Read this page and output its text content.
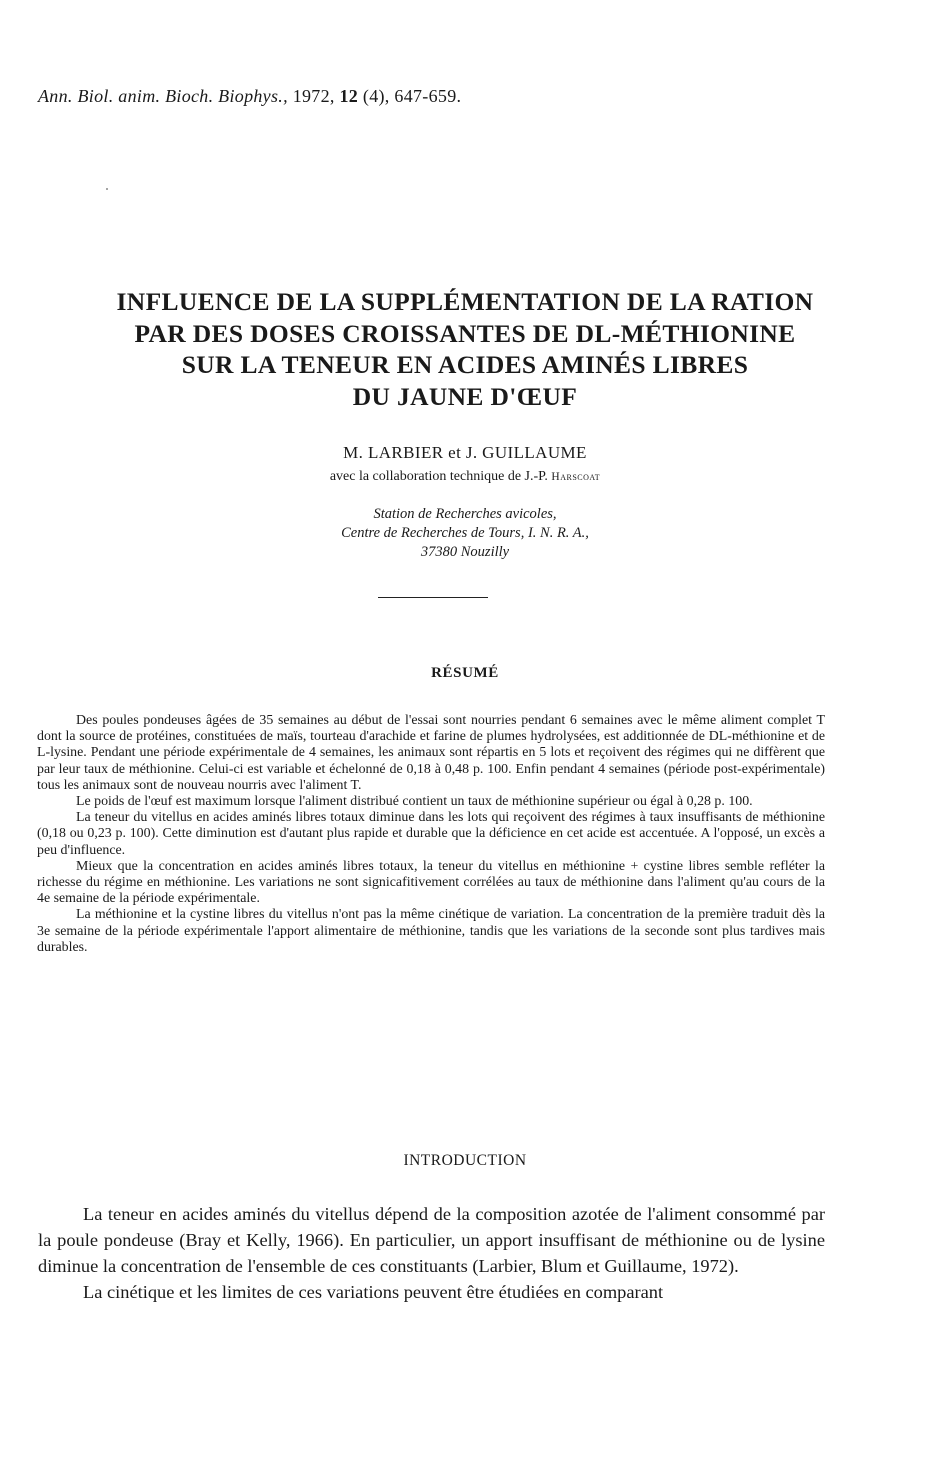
Ann. Biol. anim. Bioch. Biophys., 1972, 12 (4), 647-659.
INFLUENCE DE LA SUPPLÉMENTATION DE LA RATION
PAR DES DOSES CROISSANTES DE DL-MÉTHIONINE
SUR LA TENEUR EN ACIDES AMINÉS LIBRES
DU JAUNE D'ŒUF
M. LARBIER et J. GUILLAUME
avec la collaboration technique de J.-P. Harscoat
Station de Recherches avicoles,
Centre de Recherches de Tours, I. N. R. A.,
37380 Nouzilly
RÉSUMÉ

Des poules pondeuses âgées de 35 semaines au début de l'essai sont nourries pendant 6 semaines avec le même aliment complet T dont la source de protéines, constituées de maïs, tourteau d'arachide et farine de plumes hydrolysées, est additionnée de DL-méthionine et de L-lysine. Pendant une période expérimentale de 4 semaines, les animaux sont répartis en 5 lots et reçoivent des régimes qui ne diffèrent que par leur taux de méthionine. Celui-ci est variable et échelonné de 0,18 à 0,48 p. 100. Enfin pendant 4 semaines (période post-expérimentale) tous les animaux sont de nouveau nourris avec l'aliment T.

Le poids de l'œuf est maximum lorsque l'aliment distribué contient un taux de méthionine supérieur ou égal à 0,28 p. 100.

La teneur du vitellus en acides aminés libres totaux diminue dans les lots qui reçoivent des régimes à taux insuffisants de méthionine (0,18 ou 0,23 p. 100). Cette diminution est d'autant plus rapide et durable que la déficience en cet acide est accentuée. A l'opposé, un excès a peu d'influence.

Mieux que la concentration en acides aminés libres totaux, la teneur du vitellus en méthionine + cystine libres semble refléter la richesse du régime en méthionine. Les variations ne sont signicafitivement corrélées au taux de méthionine dans l'aliment qu'au cours de la 4e semaine de la période expérimentale.

La méthionine et la cystine libres du vitellus n'ont pas la même cinétique de variation. La concentration de la première traduit dès la 3e semaine de la période expérimentale l'apport alimentaire de méthionine, tandis que les variations de la seconde sont plus tardives mais durables.

INTRODUCTION

La teneur en acides aminés du vitellus dépend de la composition azotée de l'aliment consommé par la poule pondeuse (Bray et Kelly, 1966). En particulier, un apport insuffisant de méthionine ou de lysine diminue la concentration de l'ensemble de ces constituants (Larbier, Blum et Guillaume, 1972).

La cinétique et les limites de ces variations peuvent être étudiées en comparant
